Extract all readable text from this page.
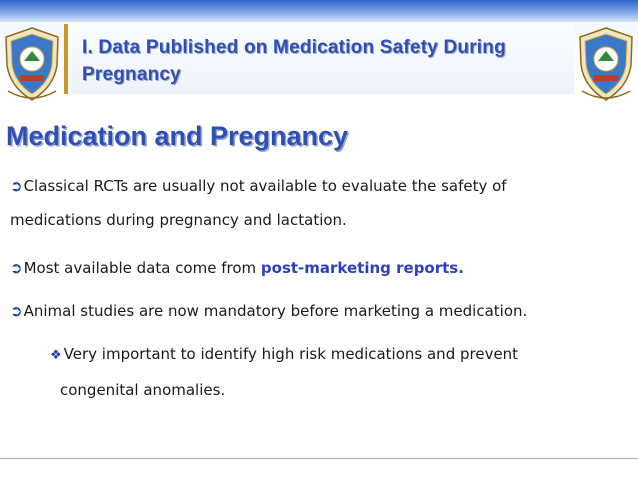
I. Data Published on Medication Safety During Pregnancy
Medication and Pregnancy
➲Classical RCTs are usually not available to evaluate the safety of
medications during pregnancy and lactation.
➲Most available data come from post-marketing reports.
➲Animal studies are now mandatory before marketing a medication.
❖ Very important to identify high risk medications and prevent
congenital anomalies.
